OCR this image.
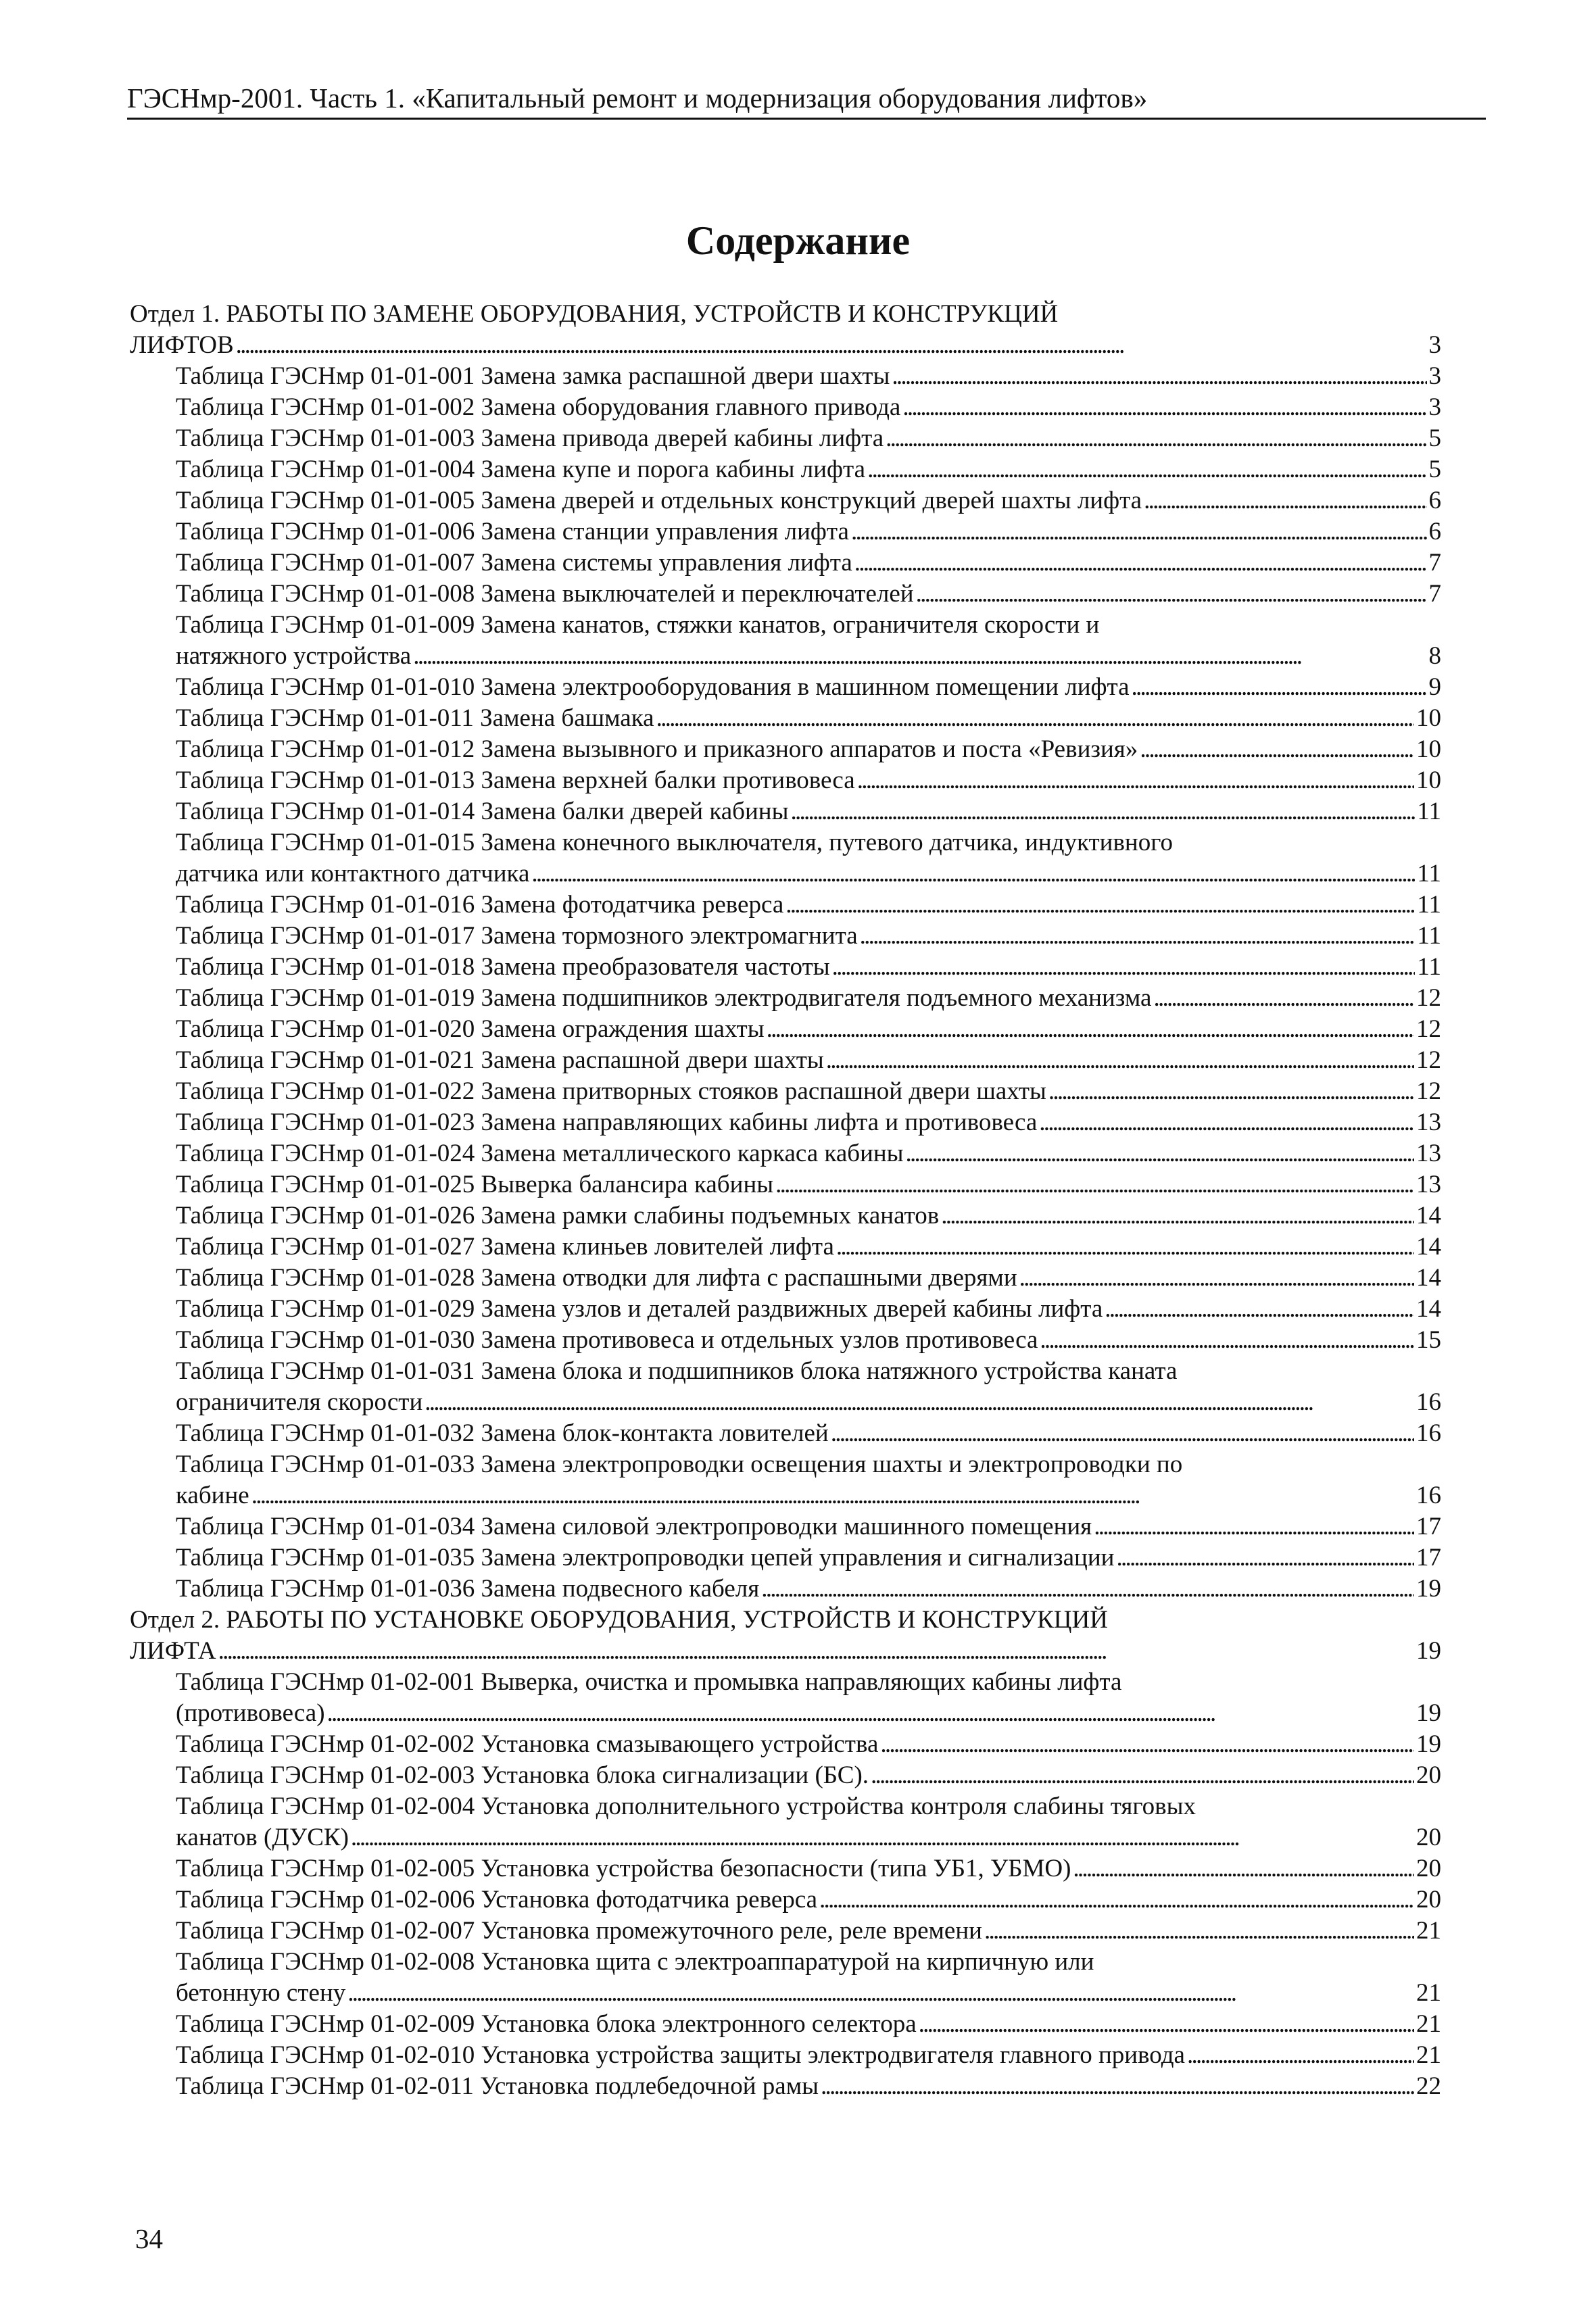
ГЭСНмр-2001. Часть 1. «Капитальный ремонт и модернизация оборудования лифтов»
Содержание
Отдел 1. РАБОТЫ ПО ЗАМЕНЕ ОБОРУДОВАНИЯ, УСТРОЙСТВ И КОНСТРУКЦИЙ
ЛИФТОВ . . .	3
Таблица ГЭСНмр 01-01-001 Замена замка распашной двери шахты . . .	3
Таблица ГЭСНмр 01-01-002 Замена оборудования главного привода . . .	3
Таблица ГЭСНмр 01-01-003 Замена привода дверей кабины лифта . . .	5
Таблица ГЭСНмр 01-01-004 Замена купе и порога кабины лифта . . .	5
Таблица ГЭСНмр 01-01-005 Замена дверей и отдельных конструкций дверей шахты лифта . . .	6
Таблица ГЭСНмр 01-01-006 Замена станции управления лифта . . .	6
Таблица ГЭСНмр 01-01-007 Замена системы управления лифта . . .	7
Таблица ГЭСНмр 01-01-008 Замена выключателей и переключателей . . .	7
Таблица ГЭСНмр 01-01-009 Замена канатов, стяжки канатов, ограничителя скорости и
натяжного устройства . . .	8
Таблица ГЭСНмр 01-01-010 Замена электрооборудования в машинном помещении лифта . . .	9
Таблица ГЭСНмр 01-01-011 Замена башмака . . .	10
Таблица ГЭСНмр 01-01-012 Замена вызывного и приказного аппаратов и поста «Ревизия» . . .	10
Таблица ГЭСНмр 01-01-013 Замена верхней балки противовеса . . .	10
Таблица ГЭСНмр 01-01-014 Замена балки дверей кабины . . .	11
Таблица ГЭСНмр 01-01-015 Замена конечного выключателя, путевого датчика, индуктивного
датчика или контактного датчика . . .	11
Таблица ГЭСНмр 01-01-016 Замена фотодатчика реверса . . .	11
Таблица ГЭСНмр 01-01-017 Замена тормозного электромагнита . . .	11
Таблица ГЭСНмр 01-01-018 Замена преобразователя частоты . . .	11
Таблица ГЭСНмр 01-01-019 Замена подшипников электродвигателя подъемного механизма . . .	12
Таблица ГЭСНмр 01-01-020 Замена ограждения шахты . . .	12
Таблица ГЭСНмр 01-01-021 Замена распашной двери шахты . . .	12
Таблица ГЭСНмр 01-01-022 Замена притворных стояков распашной двери шахты . . .	12
Таблица ГЭСНмр 01-01-023 Замена направляющих кабины лифта и противовеса . . .	13
Таблица ГЭСНмр 01-01-024 Замена металлического каркаса кабины . . .	13
Таблица ГЭСНмр 01-01-025 Выверка балансира кабины . . .	13
Таблица ГЭСНмр 01-01-026 Замена рамки слабины подъемных канатов . . .	14
Таблица ГЭСНмр 01-01-027 Замена клиньев ловителей лифта . . .	14
Таблица ГЭСНмр 01-01-028 Замена отводки для лифта с распашными дверями . . .	14
Таблица ГЭСНмр 01-01-029 Замена узлов и деталей раздвижных дверей кабины лифта . . .	14
Таблица ГЭСНмр 01-01-030 Замена противовеса и отдельных узлов противовеса . . .	15
Таблица ГЭСНмр 01-01-031 Замена блока и подшипников блока натяжного устройства каната
ограничителя скорости . . .	16
Таблица ГЭСНмр 01-01-032 Замена блок-контакта ловителей . . .	16
Таблица ГЭСНмр 01-01-033 Замена электропроводки освещения шахты и электропроводки по
кабине . . .	16
Таблица ГЭСНмр 01-01-034 Замена силовой электропроводки машинного помещения . . .	17
Таблица ГЭСНмр 01-01-035 Замена электропроводки цепей управления и сигнализации . . .	17
Таблица ГЭСНмр 01-01-036 Замена подвесного кабеля . . .	19
Отдел 2. РАБОТЫ ПО УСТАНОВКЕ ОБОРУДОВАНИЯ, УСТРОЙСТВ И КОНСТРУКЦИЙ
ЛИФТА . . .	19
Таблица ГЭСНмр 01-02-001 Выверка, очистка и промывка направляющих кабины лифта
(противовеса) . . .	19
Таблица ГЭСНмр 01-02-002 Установка смазывающего устройства . . .	19
Таблица ГЭСНмр 01-02-003 Установка блока сигнализации (БС). . . .	20
Таблица ГЭСНмр 01-02-004 Установка дополнительного устройства контроля слабины тяговых
канатов (ДУСК) . . .	20
Таблица ГЭСНмр 01-02-005 Установка устройства безопасности (типа УБ1, УБМО) . . .	20
Таблица ГЭСНмр 01-02-006 Установка фотодатчика реверса . . .	20
Таблица ГЭСНмр 01-02-007 Установка промежуточного реле, реле времени . . .	21
Таблица ГЭСНмр 01-02-008 Установка щита с электроаппаратурой на кирпичную или
бетонную стену . . .	21
Таблица ГЭСНмр 01-02-009 Установка блока электронного селектора . . .	21
Таблица ГЭСНмр 01-02-010 Установка устройства защиты электродвигателя главного привода . . .	21
Таблица ГЭСНмр 01-02-011 Установка подлебедочной рамы . . .	22
34
